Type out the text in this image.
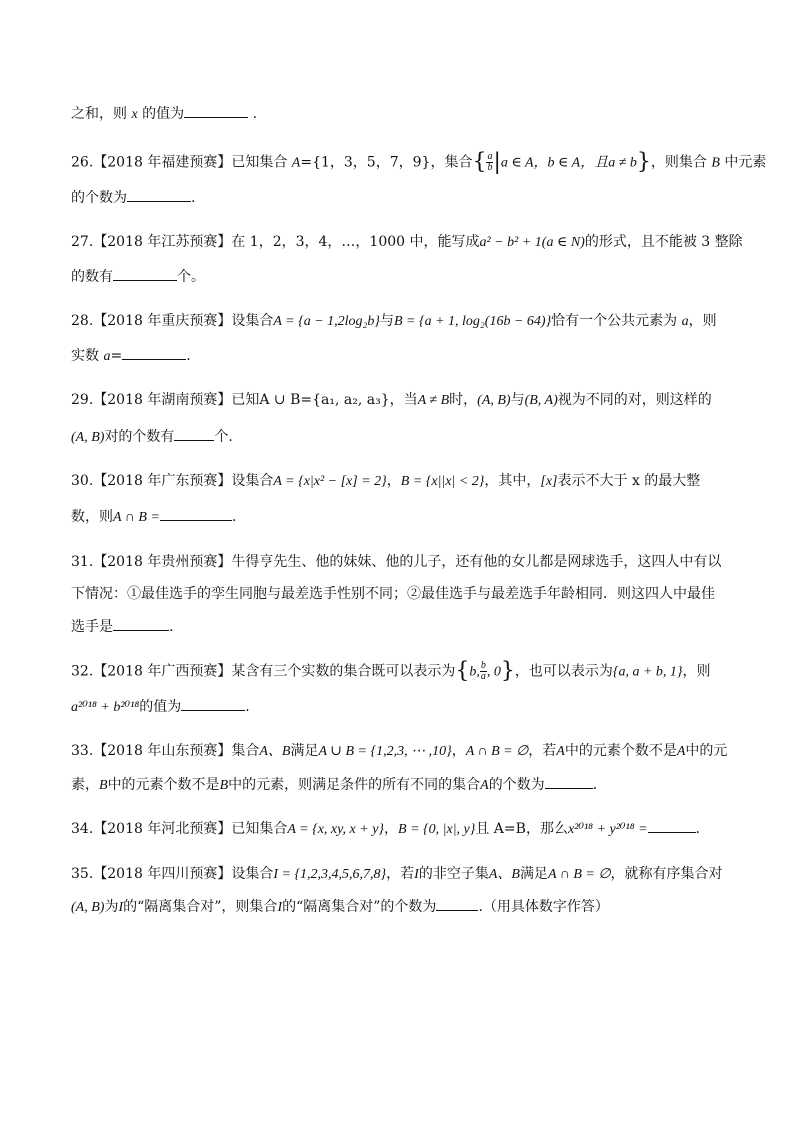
之和，则 x 的值为	.
26.【2018 年福建预赛】已知集合 A={1，3，5，7，9}，集合{ $\frac{a}{b} |a$ ∈ A，b ∈ A，且a ≠ b}，则集合 B 中元素
的个数为	.
27.【2018 年江苏预赛】在 1，2，3，4，…，1000 中，能写成a² − b² + 1(a ∈ N)的形式，且不能被 3 整除
的数有	个。
28.【2018 年重庆预赛】设集合A = {a − 1,2log₂b}与B = {a + 1, log₂(16b − 64)}恰有一个公共元素为 a，则
实数 a=	.
29.【2018 年湖南预赛】已知A ∪ B={a₁, a₂, a₃}，当A ≠ B时，(A, B)与(B, A)视为不同的对，则这样的
(A, B)对的个数有	个.
30.【2018 年广东预赛】设集合A = {x|x² − [x] = 2}，B = {x||x| < 2}，其中，[x]表示不大于 x 的最大整
数，则A ∩ B =	.
31.【2018 年贵州预赛】牛得亨先生、他的妹妹、他的儿子，还有他的女儿都是网球选手，这四人中有以
下情况：①最佳选手的孪生同胞与最差选手性别不同；②最佳选手与最差选手年龄相同．则这四人中最佳
选手是	.
32.【2018 年广西预赛】某含有三个实数的集合既可以表示为{b, $\frac{b}{a}$ , 0}，也可以表示为{a, a + b, 1}，则
a²⁰¹⁸ + b²⁰¹⁸的值为	.
33.【2018 年山东预赛】集合A、B满足A ∪ B = {1,2,3, ⋯ ,10}，A ∩ B = ∅，若A中的元素个数不是A中的元
素，B中的元素个数不是B中的元素，则满足条件的所有不同的集合A的个数为	.
34.【2018 年河北预赛】已知集合A = {x, xy, x + y}，B = {0, |x|, y}且 A=B，那么x²⁰¹⁸ + y²⁰¹⁸ =	.
35.【2018 年四川预赛】设集合I = {1,2,3,4,5,6,7,8}，若I的非空子集A、B满足A ∩ B = ∅，就称有序集合对
(A, B)为I的“隔离集合对”，则集合I的“隔离集合对”的个数为	.（用具体数字作答）
